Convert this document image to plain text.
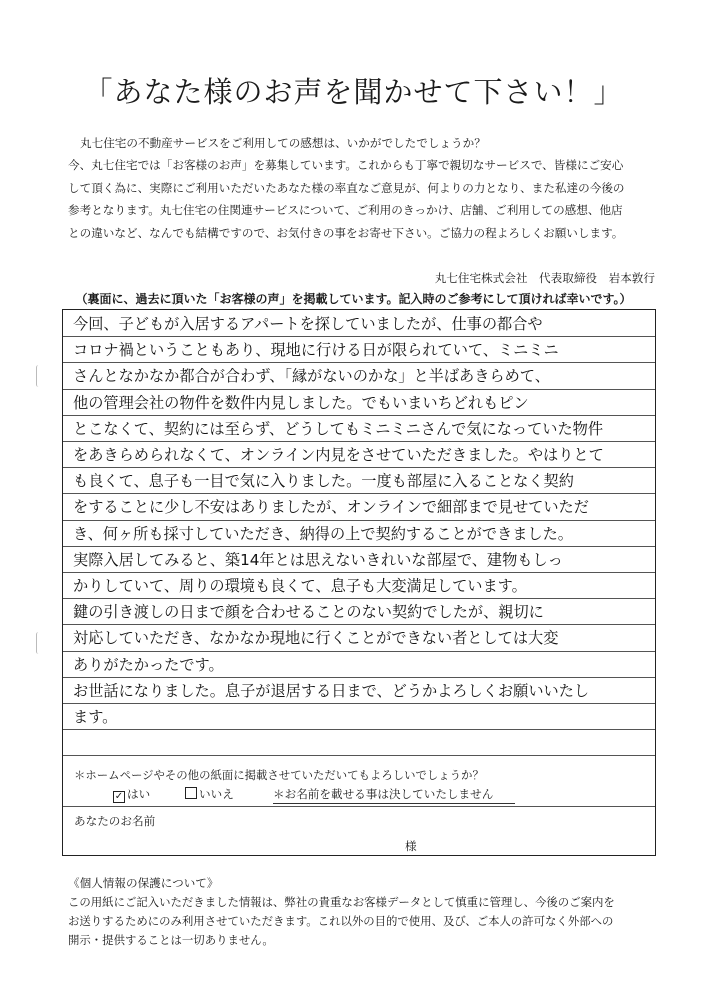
「あなた様のお声を聞かせて下さい！」

丸七住宅の不動産サービスをご利用しての感想は、いかがでしたでしょうか？

今、丸七住宅では「お客様のお声」を募集しています。これからも丁寧で親切なサービスで、皆様にご安心

して頂く為に、実際にご利用いただいたあなた様の率直なご意見が、何よりの力となり、また私達の今後の

参考となります。丸七住宅の住関連サービスについて、ご利用のきっかけ、店舗、ご利用しての感想、他店

との違いなど、なんでも結構ですので、お気付きの事をお寄せ下さい。ご協力の程よろしくお願いします。

丸七住宅株式会社　代表取締役　岩本敦行
（裏面に、過去に頂いた「お客様の声」を掲載しています。記入時のご参考にして頂ければ幸いです。）
今回、子どもが入居するアパートを探していましたが、仕事の都合や
コロナ禍ということもあり、現地に行ける日が限られていて、ミニミニ
さんとなかなか都合が合わず、「縁がないのかな」と半ばあきらめて、
他の管理会社の物件を数件内見しました。でもいまいちどれもピン
とこなくて、契約には至らず、どうしてもミニミニさんで気になっていた物件
をあきらめられなくて、オンライン内見をさせていただきました。やはりとて
も良くて、息子も一目で気に入りました。一度も部屋に入ることなく契約
をすることに少し不安はありましたが、オンラインで細部まで見せていただ
き、何ヶ所も採寸していただき、納得の上で契約することができました。
実際入居してみると、築14年とは思えないきれいな部屋で、建物もしっ
かりしていて、周りの環境も良くて、息子も大変満足しています。
鍵の引き渡しの日まで顔を合わせることのない契約でしたが、親切に
対応していただき、なかなか現地に行くことができない者としては大変
ありがたかったです。
お世話になりました。息子が退居する日まで、どうかよろしくお願いいたし
ます。
＊ホームページやその他の紙面に掲載させていただいてもよろしいでしょうか？
✓ はい	いいえ	＊お名前を載せる事は決していたしません
あなたのお名前
様
《個人情報の保護について》

この用紙にご記入いただきました情報は、弊社の貴重なお客様データとして慎重に管理し、今後のご案内を

お送りするためにのみ利用させていただきます。これ以外の目的で使用、及び、ご本人の許可なく外部への

開示・提供することは一切ありません。
